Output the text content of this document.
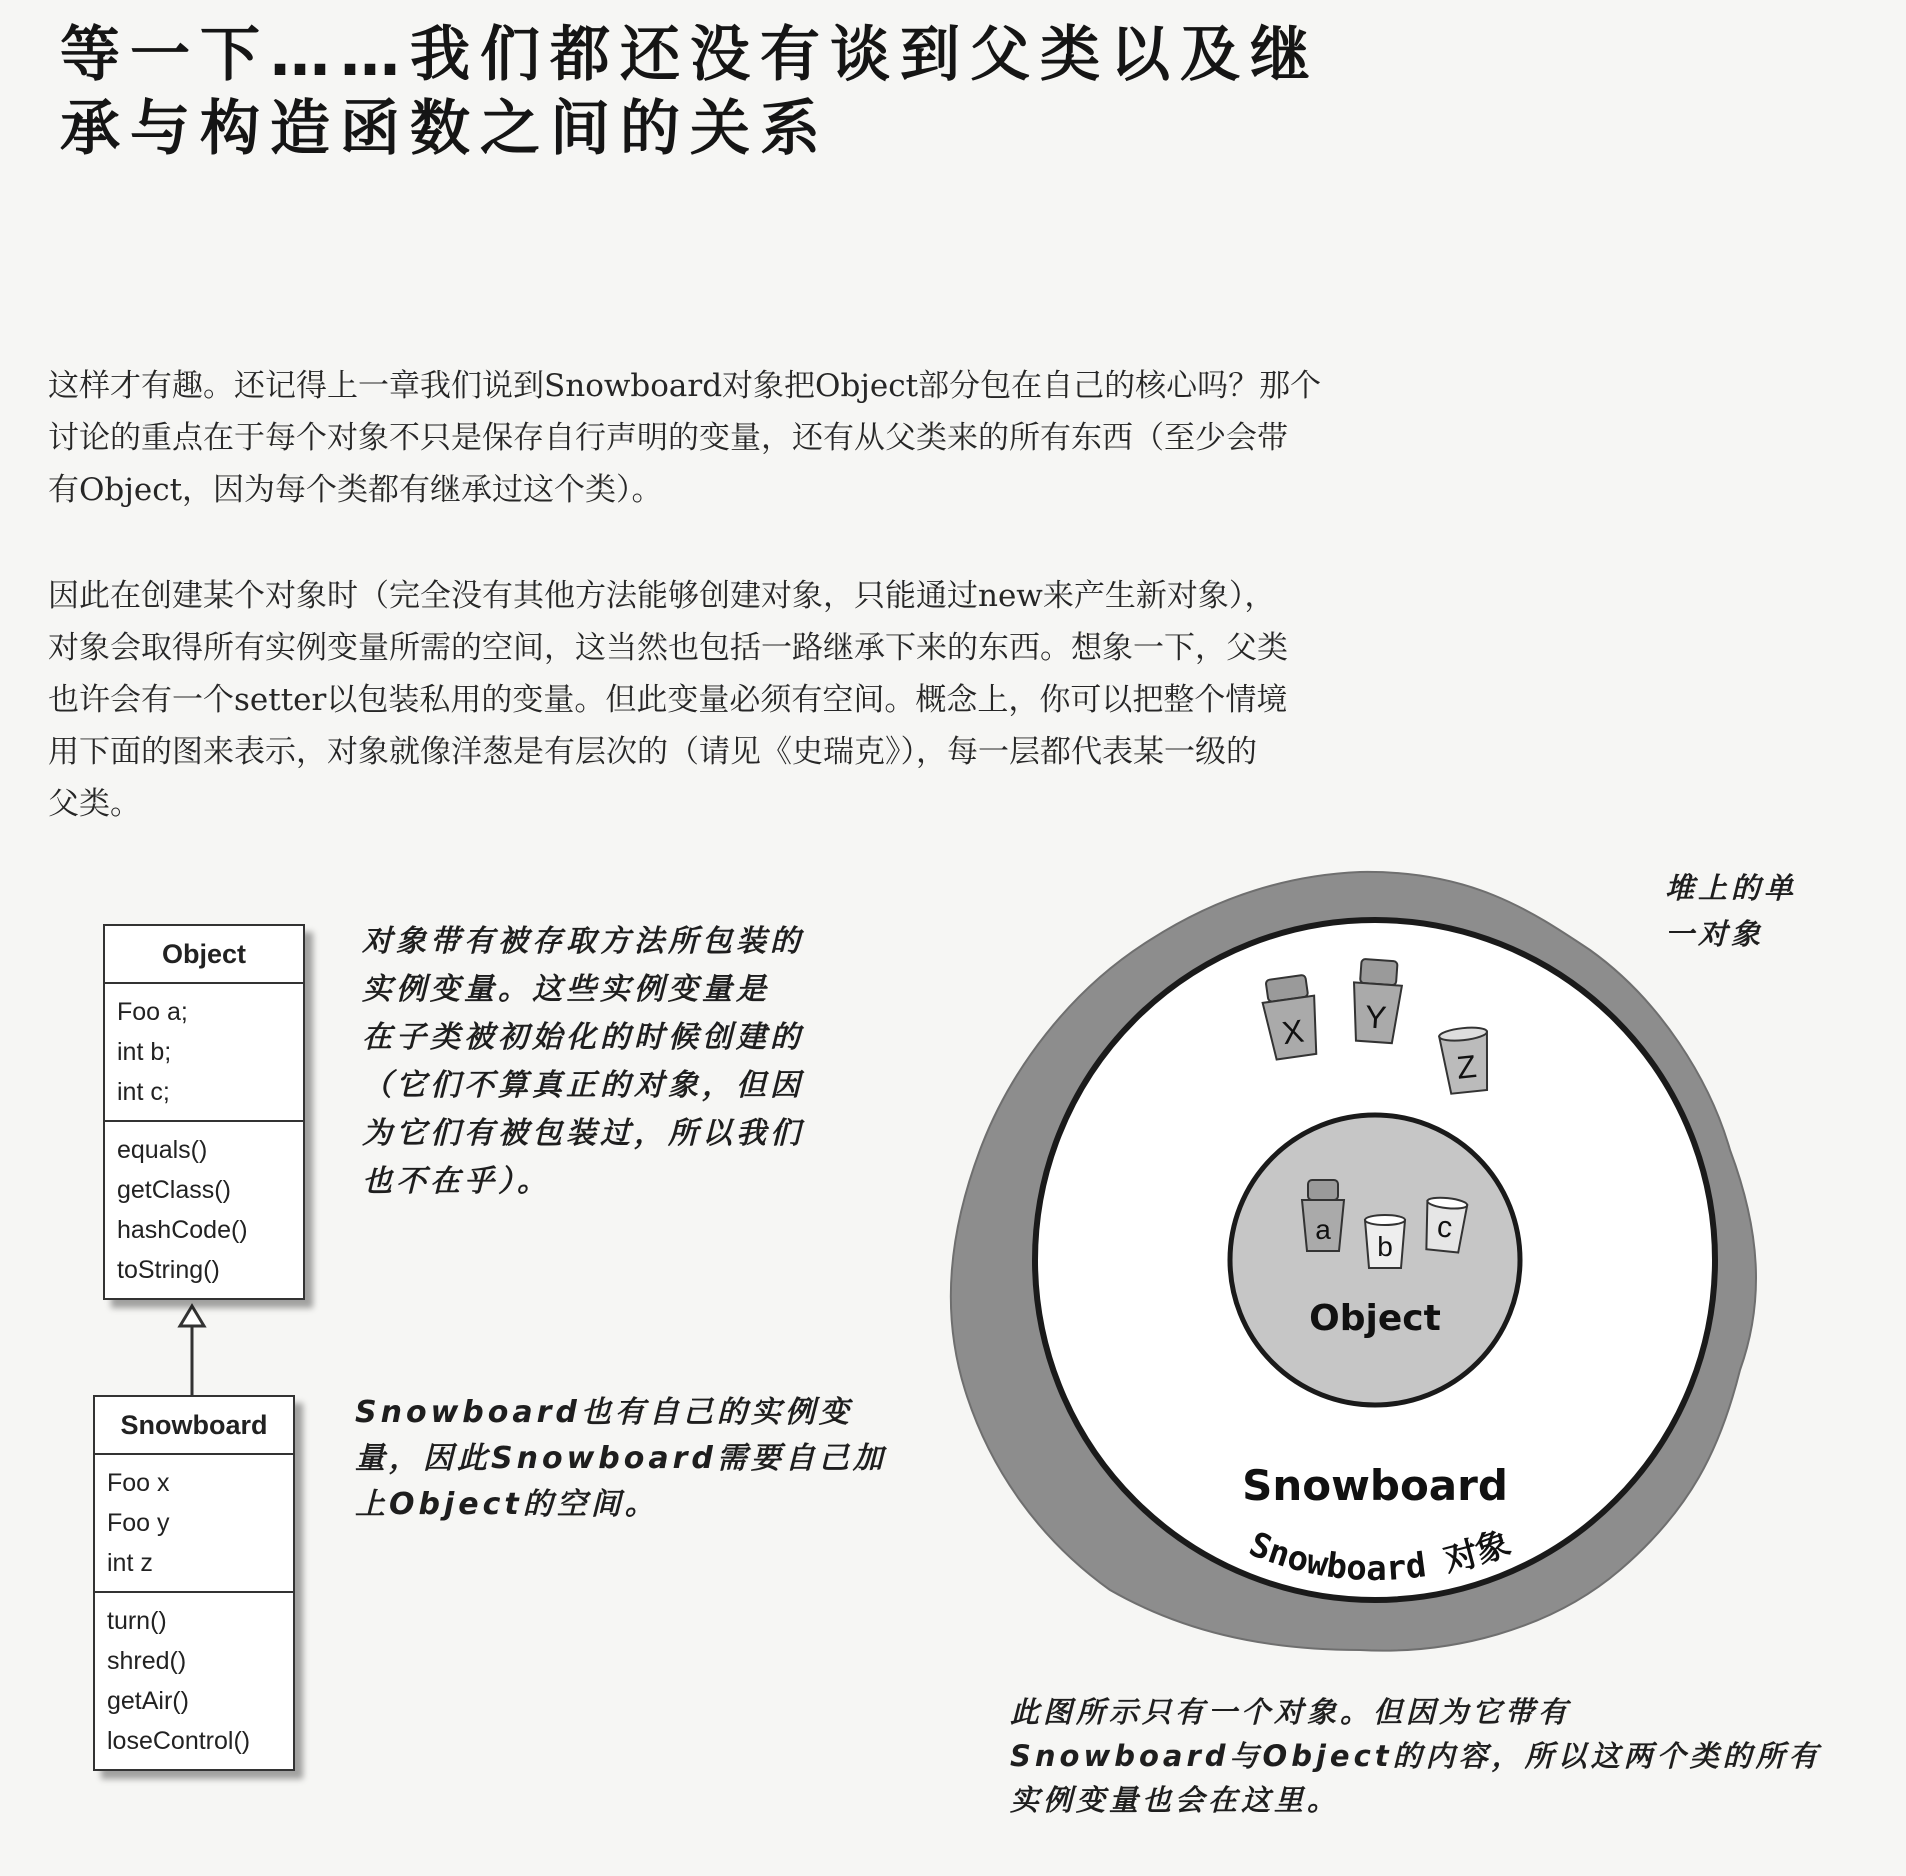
等一下……我们都还没有谈到父类以及继
承与构造函数之间的关系
这样才有趣。还记得上一章我们说到Snowboard对象把Object部分包在自己的核心吗？那个
讨论的重点在于每个对象不只是保存自行声明的变量，还有从父类来的所有东西（至少会带
有Object，因为每个类都有继承过这个类）。
因此在创建某个对象时（完全没有其他方法能够创建对象，只能通过new来产生新对象），
对象会取得所有实例变量所需的空间，这当然也包括一路继承下来的东西。想象一下，父类
也许会有一个setter以包装私用的变量。但此变量必须有空间。概念上，你可以把整个情境
用下面的图来表示，对象就像洋葱是有层次的（请见《史瑞克》），每一层都代表某一级的
父类。
Object
Foo a;
int b;
int c;
equals()
getClass()
hashCode()
toString()
Snowboard
Foo x
Foo y
int z
turn()
shred()
getAir()
loseControl()
对象带有被存取方法所包装的
实例变量。这些实例变量是
在子类被初始化的时候创建的
（它们不算真正的对象，但因
为它们有被包装过，所以我们
也不在乎）。
Snowboard也有自己的实例变
量，因此Snowboard需要自己加
上Object的空间。
堆上的单
一对象
X Y
Z
a
b
c
Object
Snowboard
Snowboard 对象
此图所示只有一个对象。但因为它带有
Snowboard与Object的内容，所以这两个类的所有
实例变量也会在这里。
